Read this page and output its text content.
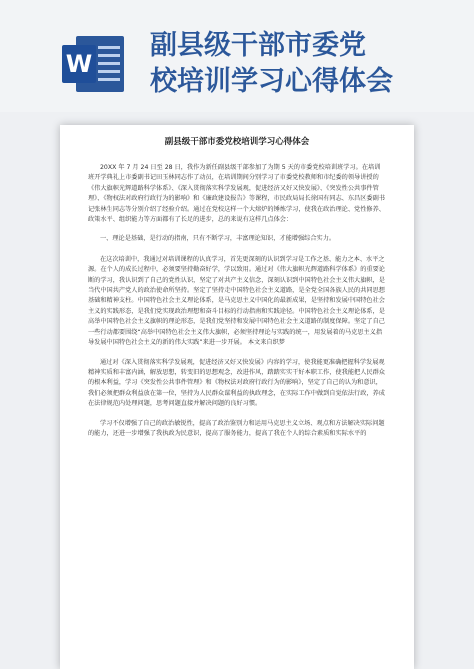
W
副县级干部市委党
校培训学习心得体会
副县级干部市委党校培训学习心得体会

20XX 年 7 月 24 日至 28 日，我作为新任副县级干部参加了为期 5 天的市委党校培训班学习。在培训班开学典礼上市委副书记田玉林同志作了动员，在培训期间分别学习了市委党校教师和市纪委的领导讲授的《伟大旗帜光辉道路科学体系》、《深入贯彻落实科学发展观，促进经济又好又快发展》、《突发性公共事件管理》、《物权法对政府行政行为的影响》和《廉政建设报告》等课程，市民政局局长徐国有同志、东昌区委副书记张林生同志等分别介绍了经验介绍。通过在党校这样一个大熔炉的锤炼学习，使我在政治理论、党性修养、政策水平、组织能力等方面都有了长足的进步，总的来说有这样几点体会：

一、理论是基础，是行动的指南，只有不断学习，丰富理论知识，才能增强综合实力。

在这次培训中，我通过对培训课程的认真学习，首先更深刻的认识到学习是工作之基、能力之本、水平之源。在个人的成长过程中，必须要坚持勤奋好学，学以致用。通过对《伟大旗帜光辉道路科学体系》的重要论断的学习，我认识到了自己的党性认识，坚定了对共产主义信念，深刻认识到中国特色社会主义伟大旗帜，是当代中国共产党人的政治使命所坚持。坚定了坚持走中国特色社会主义道路，是全党全国各族人民的共同思想基础和精神支柱。中国特色社会主义理论体系，是马克思主义中国化的最新成果，是坚持和发展中国特色社会主义的实践形态，是我们党实现政治理想和奋斗目标的行动指南和实践途径。中国特色社会主义理论体系，是高举中国特色社会主义旗帜的理论形态，是我们党坚持和发展中国特色社会主义道路的制度保障。坚定了自己一些行动都要围绕“高举中国特色社会主义伟大旗帜，必须坚持理论与实践的统一，用发展着的马克思主义指导发展中国特色社会主义的新的伟大实践”来进一步开展。 本文来自织梦

通过对《深入贯彻落实科学发展观，促进经济又好又快发展》内容的学习，使我能更准确把握科学发展观精神实质和丰富内涵，解放思想，转变旧的思想观念，改进作风，踏踏实实干好本职工作，使我能把人民群众的根本利益，学习《突发性公共事件管理》和《物权法对政府行政行为的影响》，坚定了自己的认为和意识，我们必须把群众利益放在第一位，坚持为人民群众谋利益的执政理念，在实际工作中做到自觉依法行政，养成在法律规范内处理问题，思考问题直接并解决问题的良好习惯。

学习不仅增强了自己的政治敏锐性，提高了政治鉴别力和运用马克思主义立场、观点和方法解决实际问题的能力，还进一步增强了我执政为民意识，提高了服务能力，提高了我在个人的综合素质和实际水平的
